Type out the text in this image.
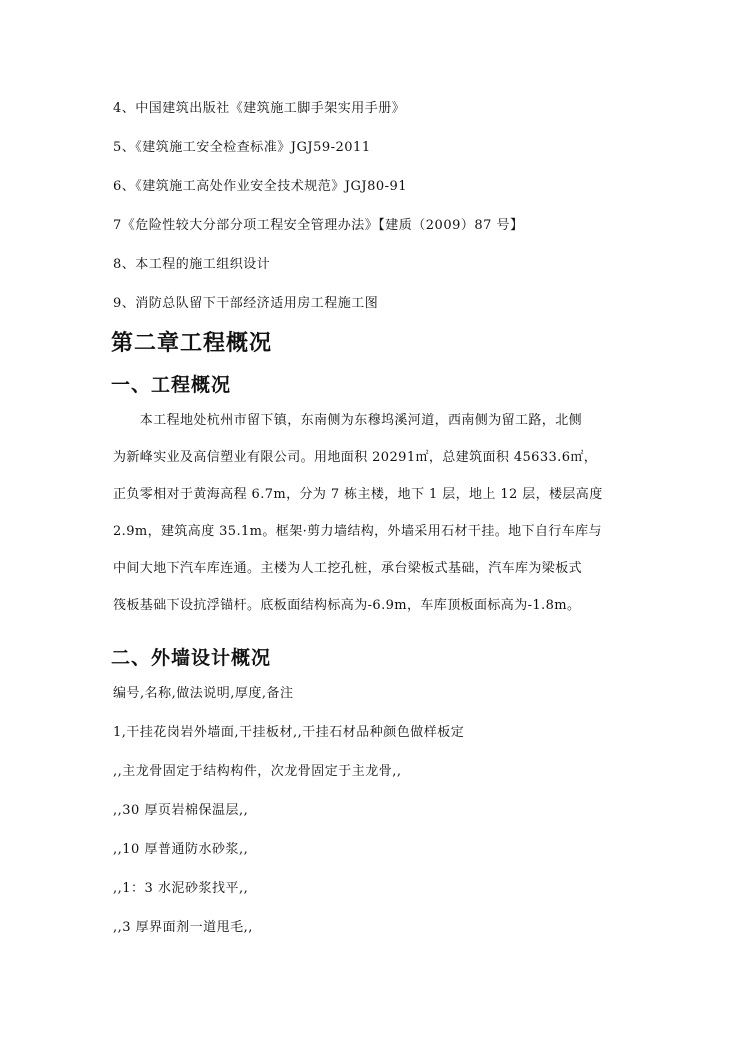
4、中国建筑出版社《建筑施工脚手架实用手册》
5、《建筑施工安全检查标准》JGJ59-2011
6、《建筑施工高处作业安全技术规范》JGJ80-91
7《危险性较大分部分项工程安全管理办法》【建质（2009）87 号】
8、本工程的施工组织设计
9、消防总队留下干部经济适用房工程施工图
第二章工程概况
一、工程概况
　　本工程地处杭州市留下镇，东南侧为东穆坞溪河道，西南侧为留工路，北侧
为新峰实业及高信塑业有限公司。用地面积 20291㎡，总建筑面积 45633.6㎡，
正负零相对于黄海高程 6.7m，分为 7 栋主楼，地下 1 层，地上 12 层，楼层高度
2.9m，建筑高度 35.1m。框架·剪力墙结构，外墙采用石材干挂。地下自行车库与
中间大地下汽车库连通。主楼为人工挖孔桩，承台梁板式基础，汽车库为梁板式
筏板基础下设抗浮锚杆。底板面结构标高为-6.9m，车库顶板面标高为-1.8m。
二、外墙设计概况
编号,名称,做法说明,厚度,备注
1,干挂花岗岩外墙面,干挂板材,,干挂石材品种颜色做样板定
,,主龙骨固定于结构构件，次龙骨固定于主龙骨,,
,,30 厚页岩棉保温层,,
,,10 厚普通防水砂浆,,
,,1：3 水泥砂浆找平,,
,,3 厚界面剂一道甩毛,,
